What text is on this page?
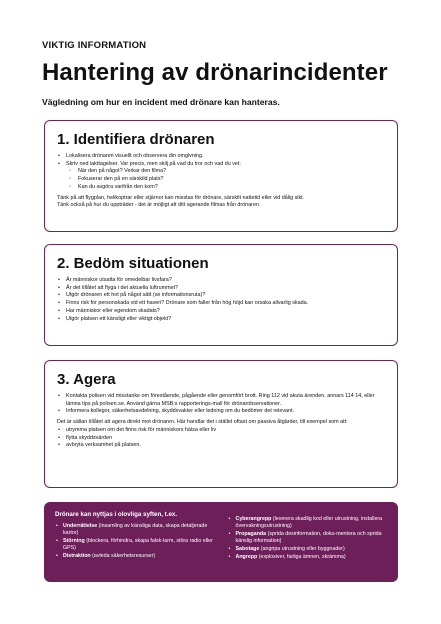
VIKTIG INFORMATION
Hantering av drönarincidenter
Vägledning om hur en incident med drönare kan hanteras.
1. Identifiera drönaren
• Lokalisera drönaren visuellt och observera din omgivning.
• Skriv ned iakttagelser. Var precis, men skilj på vad du tror och vad du vet:
◦ När den på något? Verkar den filma?
◦ Fokuserar den på en särskild plats?
◦ Kan du avgöra varifrån den kom?

Tänk på att flygplan, helikoptrar eller stjärnor kan misstas för drönare, särskilt nattetid eller vid dålig sikt.

Tänk också på hur du uppträder - det är möjligt att ditt agerande filmas från drönaren.

2. Bedöm situationen
• Är människor utsatta för omedelbar livsfara?
• Är det tillåtet att flyga i det aktuella luftrummet?
• Utgör drönaren ett hot på något sätt (se informationsruta)?
• Finns risk för personskada vid ett haveri? Drönare som faller från hög höjd kan orsaka allvarlig skada.
• Har människor eller egendom skadats?
• Utgör platsen ett känsligt eller viktigt objekt?
3. Agera
• Kontakta polisen vid misstanke om förestående, pågående eller genomfört brott. Ring 112 vid akuta ärenden, annars 114 14, eller lämna tips på polisen.se. Använd gärna MSB:s rapporterings-mall för drönarobservationer.
• Informera kollegor, säkerhetsavdelning, skyddsvakter eller ledning om du bedömer det relevant.

Det är sällan tillåtet att agera direkt mot drönaren. Här handlar det i stället oftast om passiva åtgärder, till exempel som att:

• utrymma platsen om det finns risk för människors hälsa eller liv
• flytta skyddsvärden
• avbryta verksamhet på platsen.
Drönare kan nyttjas i olovliga syften, t.ex.
• Underrättelse (insamling av känsliga data, skapa detaljerade kartor)
• Störning (blockera, förhindra, skapa falsk-larm, störa radio eller GPS)
• Distraktion (avleda säkerhetsresurser)
• Cyberangrepp (leverera skadlig kod eller utrustning, installera övervakningsutrustning)
• Propaganda (sprida desinformation, doku-mentera och sprida känslig information)
• Sabotage (angripa utrustning eller byggnader)
• Angrepp (explosiver, farliga ämnen, skrämma)
